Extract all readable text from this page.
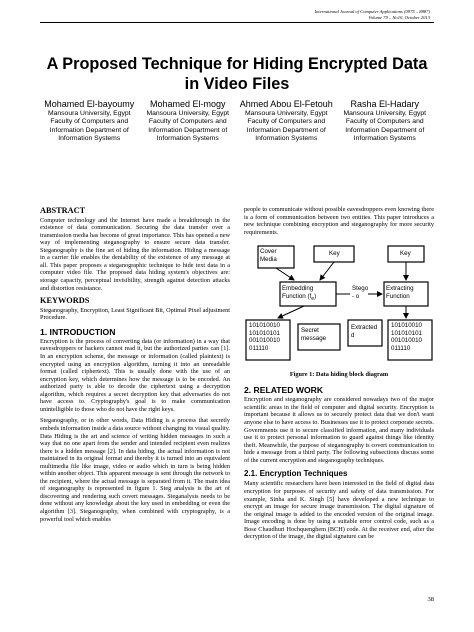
International Journal of Computer Applications (0975 – 8887)
Volume 79 – No10, October 2013
A Proposed Technique for Hiding Encrypted Data in Video Files
Mohamed El-bayoumy
Mansoura University, Egypt Faculty of Computers and Information Department of Information Systems
Mohamed El-mogy
Mansoura University, Egypt Faculty of Computers and Information Department of Information Systems
Ahmed Abou El-Fetouh
Mansoura University, Egypt Faculty of Computers and Information Department of Information Systems
Rasha El-Hadary
Mansoura University, Egypt Faculty of Computers and Information Department of Information Systems
ABSTRACT

Computer technology and the Internet have made a breakthrough in the existence of data communication. Securing the data transfer over a transmission media has become of great importance. This has opened a new way of implementing steganography to ensure secure data transfer. Steganography is the fine art of hiding the information. Hiding a message in a carrier file enables the deniability of the existence of any message at all. This paper proposes a steganographic technique to hide text data in a computer video file. The proposed data hiding system's objectives are: storage capacity, perceptual invisibility, strength against detection attacks and distortion resistance.

KEYWORDS

Steganography, Encryption, Least Significant Bit, Optimal Pixel adjustment Procedure.

1. INTRODUCTION

Encryption is the process of converting data (or information) in a way that eavesdroppers or hackers cannot read it, but the authorized parties can [1]. In an encryption scheme, the message or information (called plaintext) is encrypted using an encryption algorithm, turning it into an unreadable format (called ciphertext). This is usually done with the use of an encryption key, which determines how the message is to be encoded. An authorized party is able to decode the ciphertext using a decryption algorithm, which requires a secret decryption key that adversaries do not have access to. Cryptography's goal is to make communication unintelligible to those who do not have the right keys.

Steganography, or in other words, Data Hiding is a process that secretly embeds information inside a data source without changing its visual quality. Data Hiding is the art and science of writing hidden messages in such a way that no one apart from the sender and intended recipient even realizes there is a hidden message [2]. In data hiding, the actual information is not maintained in its original format and thereby it is turned into an equivalent multimedia file like image, video or audio which in turn is being hidden within another object. This apparent message is sent through the network to the recipient, where the actual message is separated from it. The main idea of steganography is represented in figure 1. Steg analysis is the art of discovering and rendering such covert messages. Steganalysis needs to be done without any knowledge about the key used in embedding or even the algorithm [3]. Steganography, when combined with cryptography, is a powerful tool which enables

people to communicate without possible eavesdroppers even knowing there is a form of communication between two entities. This paper introduces a new technique combining encryption and steganography for more security requirements.

Cover Media
Key	Key
Embedding Function $(f_e)$
Stego - o
Extracting Function
101010010
101010101
001010010
011110
Secret message
Extracted d
101010010
101010101
001010010
011110
Figure 1: Data hiding block diagram
2. RELATED WORK

Encryption and steganography are considered nowadays two of the major scientific areas in the field of computer and digital security. Encryption is important because it allows us to securely protect data that we don't want anyone else to have access to. Businesses use it to protect corporate secrets. Governments use it to secure classified information, and many individuals use it to protect personal information to guard against things like identity theft. Meanwhile, the purpose of steganography is covert communication to hide a message from a third party. The following subsections discuss some of the current encryption and steganography techniques.

2.1. Encryption Techniques

Many scientific researchers have been interested in the field of digital data encryption for purposes of security and safety of data transmission. For example, Sinha and K. Singh [5] have developed a new technique to encrypt an image for secure image transmission. The digital signature of the original image is added to the encoded version of the original image. Image encoding is done by using a suitable error control code, such as a Bose Chaudhuri Hochquenghem (BCH) code. At the receiver end, after the decryption of the image, the digital signature can be

38
